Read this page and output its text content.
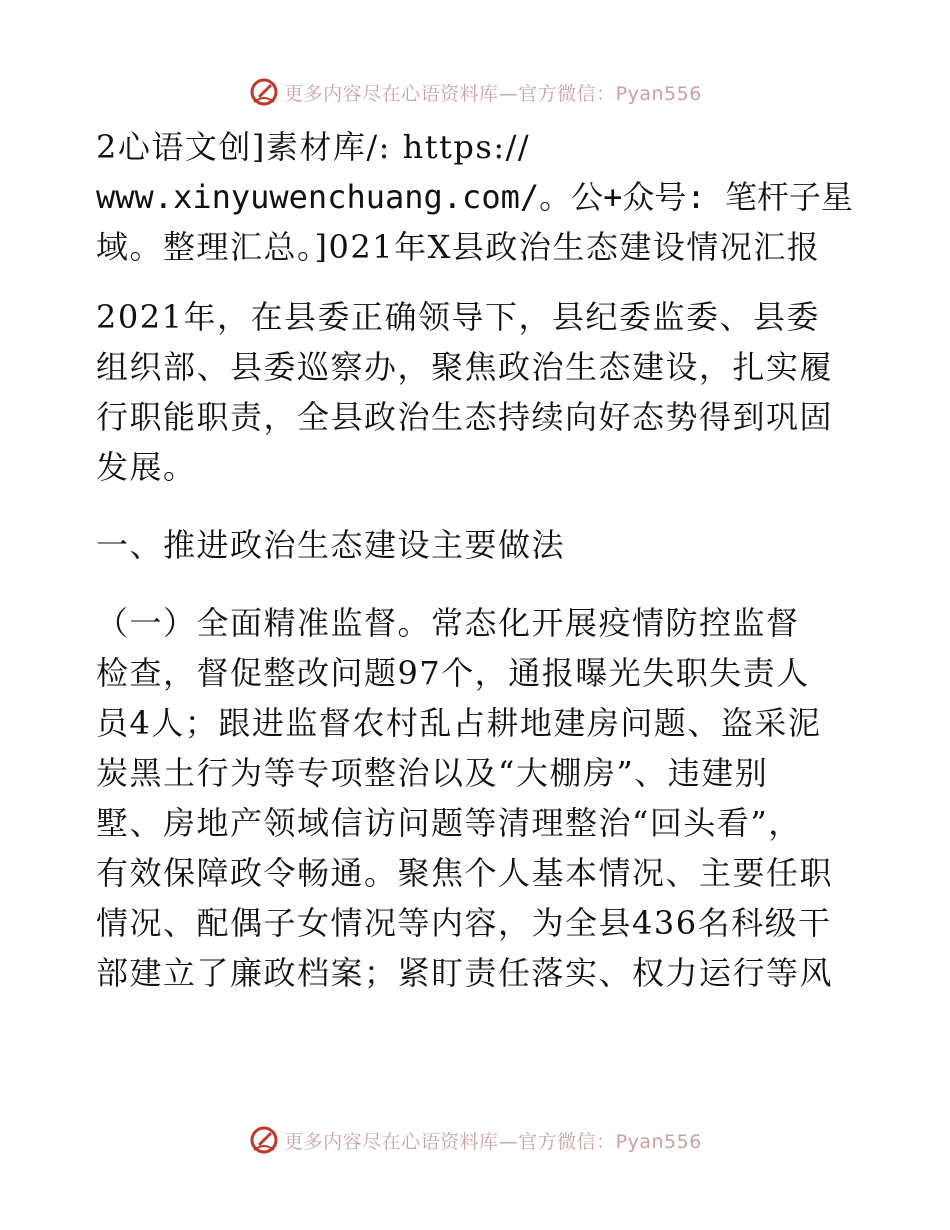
更多内容尽在心语资料库—官方微信：Pyan556
2心语文创]素材库/: https://
www.xinyuwenchuang.com/。公+众号: 笔杆子星
域。整理汇总。]021年X县政治生态建设情况汇报
2021年，在县委正确领导下，县纪委监委、县委
组织部、县委巡察办，聚焦政治生态建设，扎实履
行职能职责，全县政治生态持续向好态势得到巩固
发展。
一、推进政治生态建设主要做法
（一）全面精准监督。常态化开展疫情防控监督
检查，督促整改问题97个，通报曝光失职失责人
员4人；跟进监督农村乱占耕地建房问题、盗采泥
炭黑土行为等专项整治以及“大棚房”、违建别
墅、房地产领域信访问题等清理整治“回头看”，
有效保障政令畅通。聚焦个人基本情况、主要任职
情况、配偶子女情况等内容，为全县436名科级干
部建立了廉政档案；紧盯责任落实、权力运行等风
更多内容尽在心语资料库—官方微信：Pyan556
